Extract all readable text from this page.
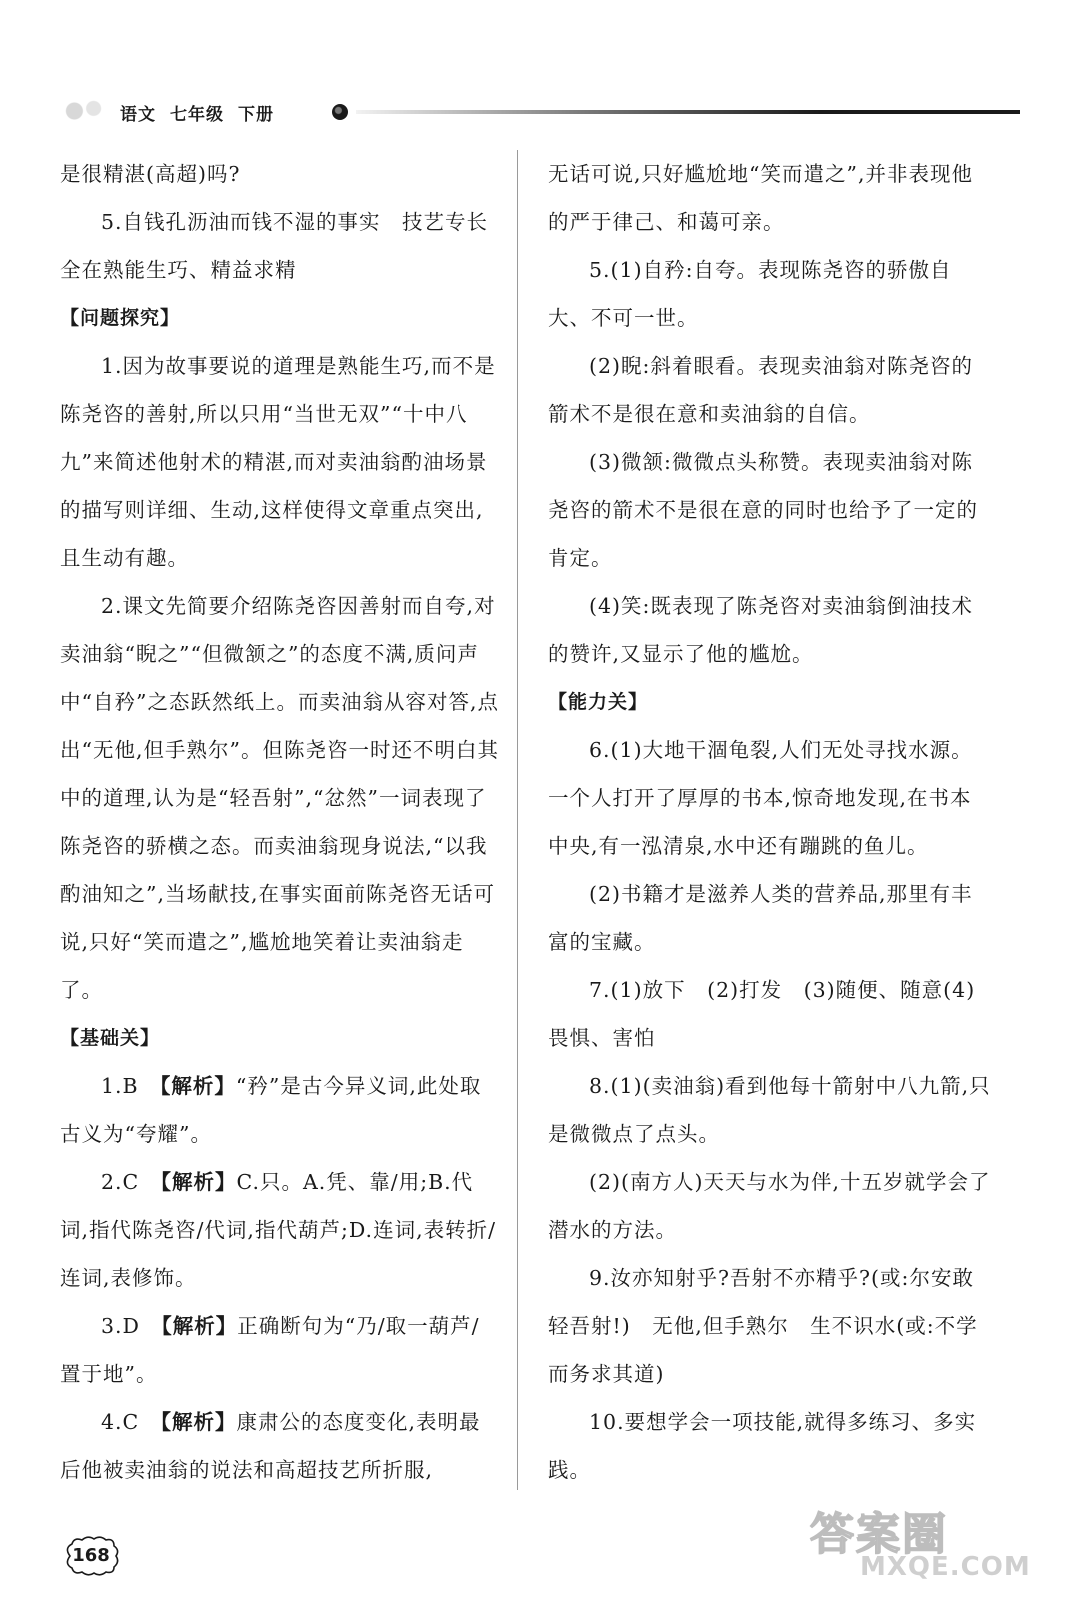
语文 七年级 下册

是很精湛(高超)吗?

5.自钱孔沥油而钱不湿的事实　技艺专长全在熟能生巧、精益求精

【问题探究】

1.因为故事要说的道理是熟能生巧,而不是陈尧咨的善射,所以只用“当世无双”“十中八九”来简述他射术的精湛,而对卖油翁酌油场景的描写则详细、生动,这样使得文章重点突出,且生动有趣。

2.课文先简要介绍陈尧咨因善射而自夸,对卖油翁“睨之”“但微颔之”的态度不满,质问声中“自矜”之态跃然纸上。而卖油翁从容对答,点出“无他,但手熟尔”。但陈尧咨一时还不明白其中的道理,认为是“轻吾射”,“忿然”一词表现了陈尧咨的骄横之态。而卖油翁现身说法,“以我酌油知之”,当场献技,在事实面前陈尧咨无话可说,只好“笑而遣之”,尴尬地笑着让卖油翁走了。

【基础关】

1.B　【解析】“矜”是古今异义词,此处取古义为“夸耀”。

2.C　【解析】C.只。A.凭、靠/用;B.代词,指代陈尧咨/代词,指代葫芦;D.连词,表转折/连词,表修饰。

3.D　【解析】正确断句为“乃/取一葫芦/置于地”。

4.C　【解析】康肃公的态度变化,表明最后他被卖油翁的说法和高超技艺所折服,

无话可说,只好尴尬地“笑而遣之”,并非表现他的严于律己、和蔼可亲。

5.(1)自矜:自夸。表现陈尧咨的骄傲自大、不可一世。

(2)睨:斜着眼看。表现卖油翁对陈尧咨的箭术不是很在意和卖油翁的自信。

(3)微颔:微微点头称赞。表现卖油翁对陈尧咨的箭术不是很在意的同时也给予了一定的肯定。

(4)笑:既表现了陈尧咨对卖油翁倒油技术的赞许,又显示了他的尴尬。

【能力关】

6.(1)大地干涸龟裂,人们无处寻找水源。一个人打开了厚厚的书本,惊奇地发现,在书本中央,有一泓清泉,水中还有蹦跳的鱼儿。

(2)书籍才是滋养人类的营养品,那里有丰富的宝藏。

7.(1)放下　(2)打发　(3)随便、随意(4)畏惧、害怕

8.(1)(卖油翁)看到他每十箭射中八九箭,只是微微点了点头。

(2)(南方人)天天与水为伴,十五岁就学会了潜水的方法。

9.汝亦知射乎?吾射不亦精乎?(或:尔安敢轻吾射!)　无他,但手熟尔　生不识水(或:不学而务求其道)

10.要想学会一项技能,就得多练习、多实践。

168	答案圈
MXQE.COM
